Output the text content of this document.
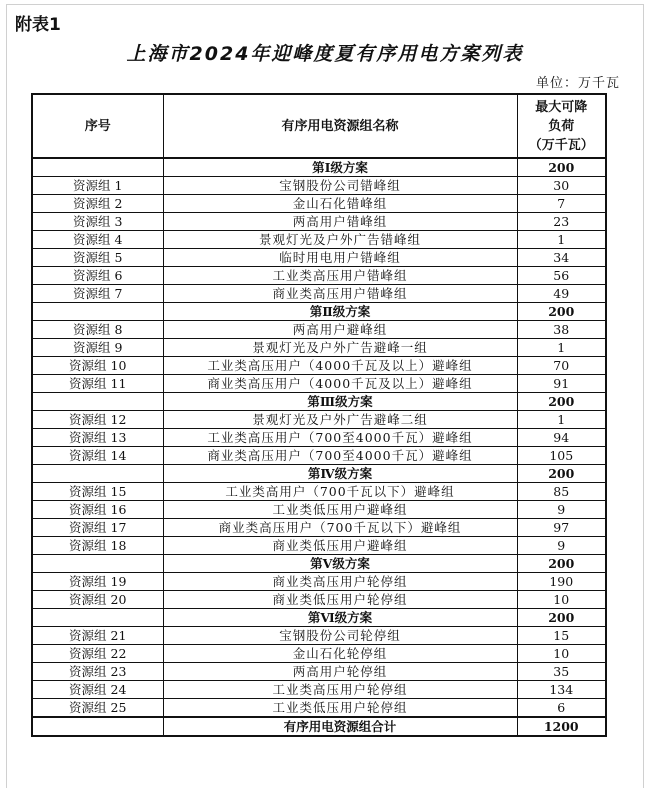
附表1
上海市2024年迎峰度夏有序用电方案列表
单位：万千瓦
序号	有序用电资源组名称	最大可降
负荷
（万千瓦）

	第Ⅰ级方案	200
资源组 1	宝钢股份公司错峰组	30
资源组 2	金山石化错峰组	7
资源组 3	两高用户错峰组	23
资源组 4	景观灯光及户外广告错峰组	1
资源组 5	临时用电用户错峰组	34
资源组 6	工业类高压用户错峰组	56
资源组 7	商业类高压用户错峰组	49
	第Ⅱ级方案	200
资源组 8	两高用户避峰组	38
资源组 9	景观灯光及户外广告避峰一组	1
资源组 10	工业类高压用户（4000千瓦及以上）避峰组	70
资源组 11	商业类高压用户（4000千瓦及以上）避峰组	91
	第Ⅲ级方案	200
资源组 12	景观灯光及户外广告避峰二组	1
资源组 13	工业类高压用户（700至4000千瓦）避峰组	94
资源组 14	商业类高压用户（700至4000千瓦）避峰组	105
	第Ⅳ级方案	200
资源组 15	工业类高用户（700千瓦以下）避峰组	85
资源组 16	工业类低压用户避峰组	9
资源组 17	商业类高压用户（700千瓦以下）避峰组	97
资源组 18	商业类低压用户避峰组	9
	第Ⅴ级方案	200
资源组 19	商业类高压用户轮停组	190
资源组 20	商业类低压用户轮停组	10
	第Ⅵ级方案	200
资源组 21	宝钢股份公司轮停组	15
资源组 22	金山石化轮停组	10
资源组 23	两高用户轮停组	35
资源组 24	工业类高压用户轮停组	134
资源组 25	工业类低压用户轮停组	6
	有序用电资源组合计	1200
